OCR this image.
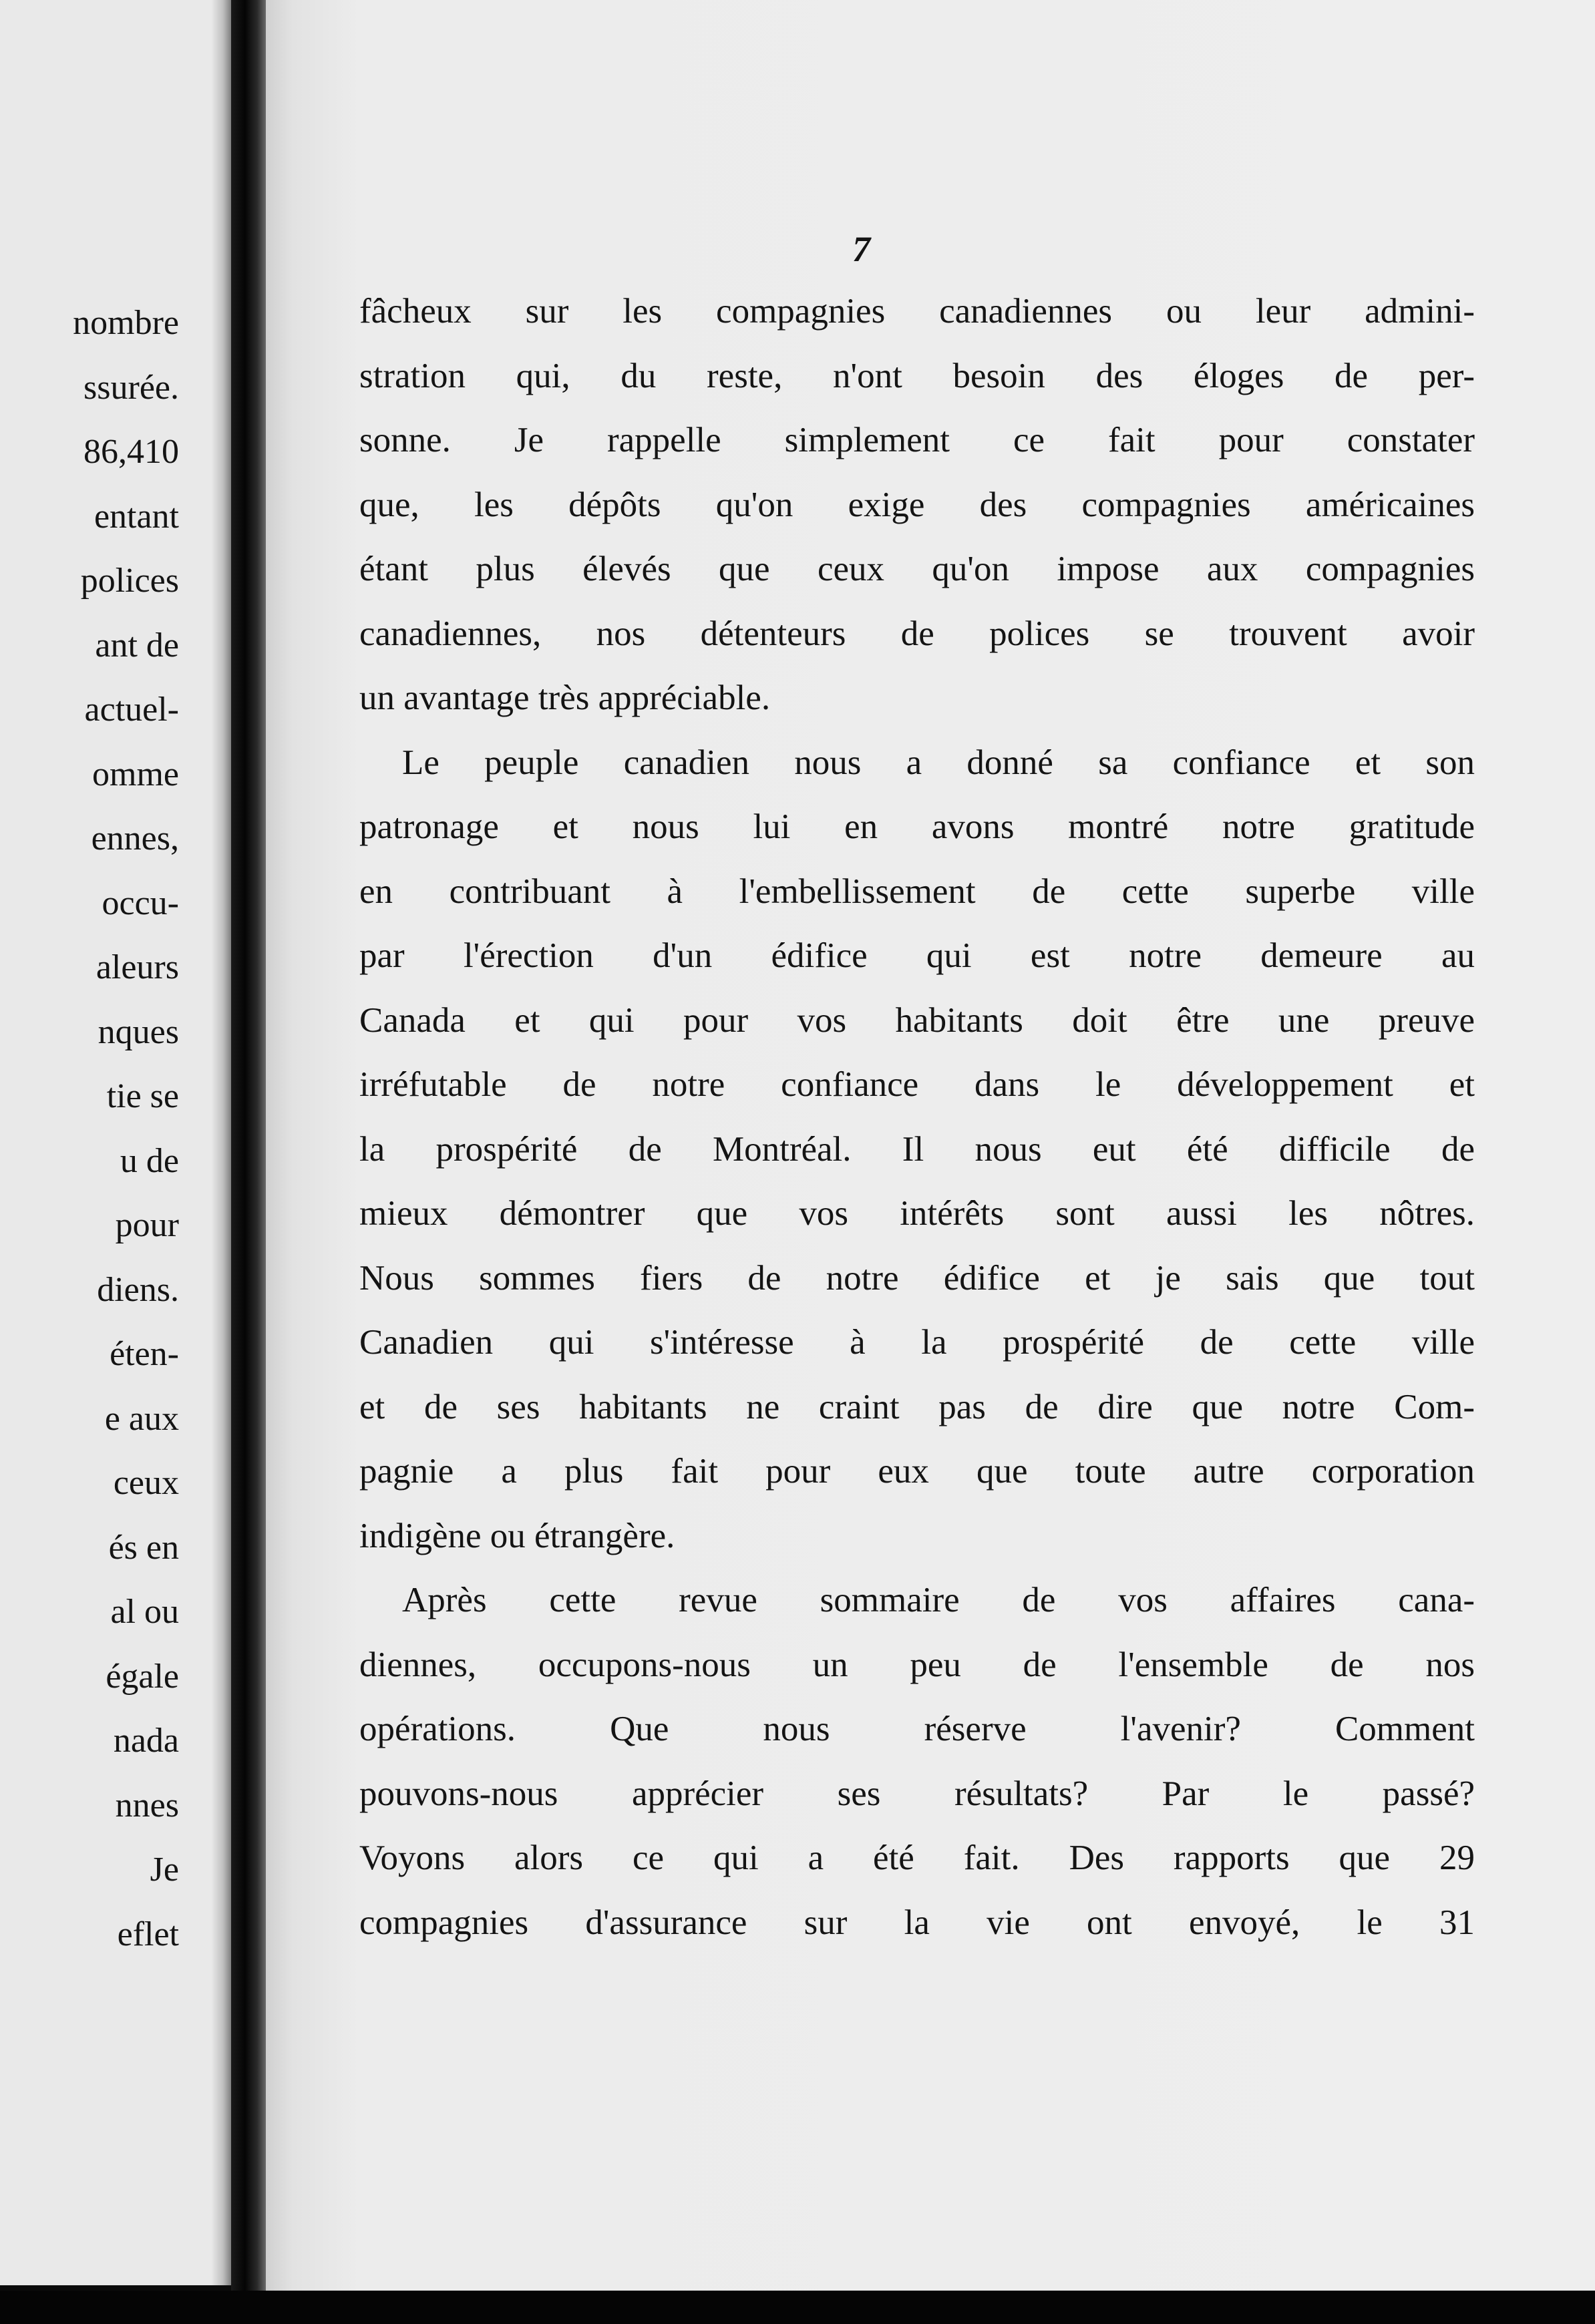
nombre
ssurée.
86,410
entant
polices
ant de
actuel-
omme
ennes,
occu-
aleurs
nques
tie se
u de
pour
diens.
éten-
e aux
ceux
és en
al ou
égale
nada
nnes
Je
eflet
7

fâcheux sur les compagnies canadiennes ou leur admini-
stration qui, du reste, n'ont besoin des éloges de per-
sonne. Je rappelle simplement ce fait pour constater
que, les dépôts qu'on exige des compagnies américaines
étant plus élevés que ceux qu'on impose aux compagnies
canadiennes, nos détenteurs de polices se trouvent avoir
un avantage très appréciable.

Le peuple canadien nous a donné sa confiance et son
patronage et nous lui en avons montré notre gratitude
en contribuant à l'embellissement de cette superbe ville
par l'érection d'un édifice qui est notre demeure au
Canada et qui pour vos habitants doit être une preuve
irréfutable de notre confiance dans le développement et
la prospérité de Montréal. Il nous eut été difficile de
mieux démontrer que vos intérêts sont aussi les nôtres.
Nous sommes fiers de notre édifice et je sais que tout
Canadien qui s'intéresse à la prospérité de cette ville
et de ses habitants ne craint pas de dire que notre Com-
pagnie a plus fait pour eux que toute autre corporation
indigène ou étrangère.

Après cette revue sommaire de vos affaires cana-
diennes, occupons-nous un peu de l'ensemble de nos
opérations. Que nous réserve l'avenir? Comment
pouvons-nous apprécier ses résultats? Par le passé?
Voyons alors ce qui a été fait. Des rapports que 29
compagnies d'assurance sur la vie ont envoyé, le 31
